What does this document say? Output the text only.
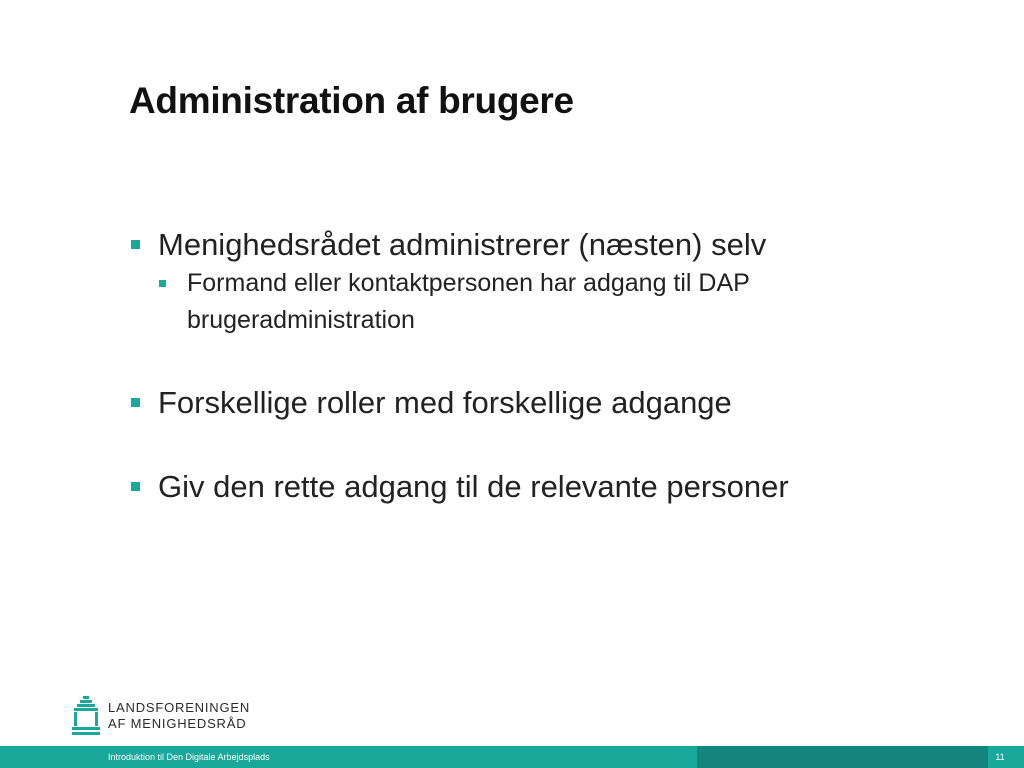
Administration af brugere
Menighedsrådet administrerer (næsten) selv
Formand eller kontaktpersonen har adgang til DAP brugeradministration
Forskellige roller med forskellige adgange
Giv den rette adgang til de relevante personer
LANDSFORENINGEN
AF MENIGHEDSRÅD
Introduktion til Den Digitale Arbejdsplads	11
